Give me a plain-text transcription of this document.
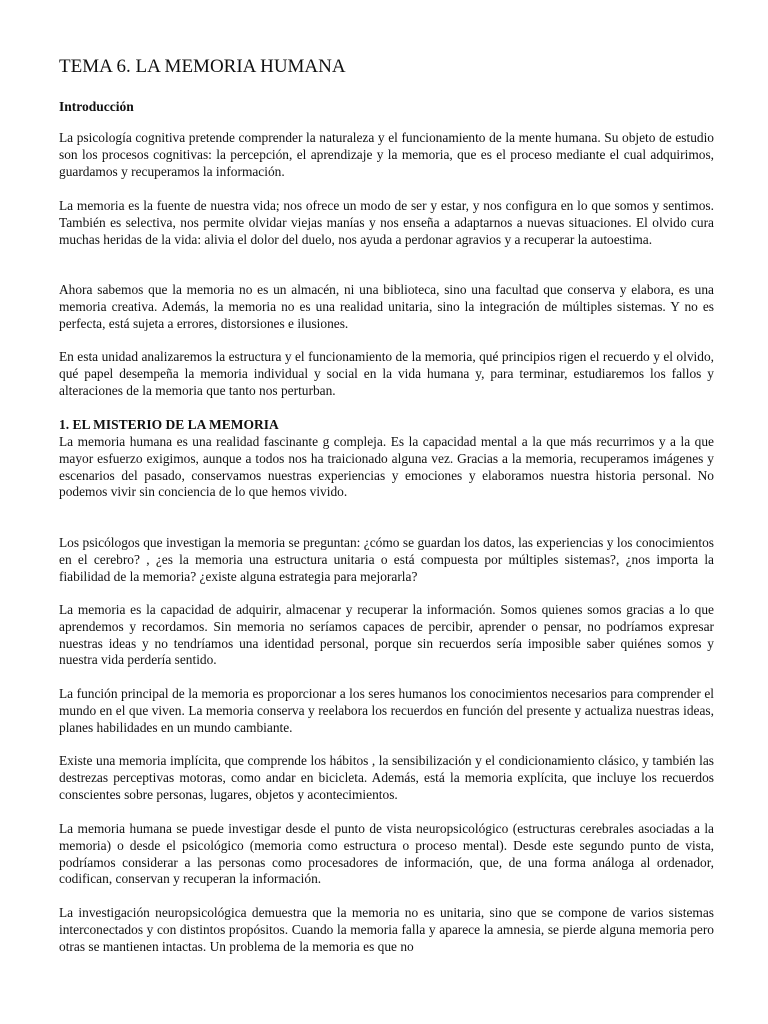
TEMA 6. LA MEMORIA HUMANA
Introducción

La psicología cognitiva pretende comprender la naturaleza y el funcionamiento de la mente humana. Su objeto de estudio son los procesos cognitivas: la percepción, el aprendizaje y la memoria, que es el proceso mediante el cual adquirimos, guardamos y recuperamos la información.

La memoria es la fuente de nuestra vida; nos ofrece un modo de ser y estar, y nos configura en lo que somos y sentimos. También es selectiva, nos permite olvidar viejas manías y nos enseña a adaptarnos a nuevas situaciones. El olvido cura muchas heridas de la vida: alivia el dolor del duelo, nos ayuda a perdonar agravios y a recuperar la autoestima.

Ahora sabemos que la memoria no es un almacén, ni una biblioteca, sino una facultad que conserva y elabora, es una memoria creativa. Además, la memoria no es una realidad unitaria, sino la integración de múltiples sistemas. Y no es perfecta, está sujeta a errores, distorsiones e ilusiones.

En esta unidad analizaremos la estructura y el funcionamiento de la memoria, qué principios rigen el recuerdo y el olvido, qué papel desempeña la memoria individual y social en la vida humana y, para terminar, estudiaremos los fallos y alteraciones de la memoria que tanto nos perturban.

1. EL MISTERIO DE LA MEMORIA

La memoria humana es una realidad fascinante g compleja. Es la capacidad mental a la que más recurrimos y a la que mayor esfuerzo exigimos, aunque a todos nos ha traicionado alguna vez. Gracias a la memoria, recuperamos imágenes y escenarios del pasado, conservamos nuestras experiencias y emociones y elaboramos nuestra historia personal. No podemos vivir sin conciencia de lo que hemos vivido.

Los psicólogos que investigan la memoria se preguntan: ¿cómo se guardan los datos, las experiencias y los conocimientos en el cerebro? , ¿es la memoria una estructura unitaria o está compuesta por múltiples sistemas?, ¿nos importa la fiabilidad de la memoria? ¿existe alguna estrategia para mejorarla?

La memoria es la capacidad de adquirir, almacenar y recuperar la información. Somos quienes somos gracias a lo que aprendemos y recordamos. Sin memoria no seríamos capaces de percibir, aprender o pensar, no podríamos expresar nuestras ideas y no tendríamos una identidad personal, porque sin recuerdos sería imposible saber quiénes somos y nuestra vida perdería sentido.

La función principal de la memoria es proporcionar a los seres humanos los conocimientos necesarios para comprender el mundo en el que viven. La memoria conserva y reelabora los recuerdos en función del presente y actualiza nuestras ideas, planes habilidades en un mundo cambiante.

Existe una memoria implícita, que comprende los hábitos , la sensibilización y el condicionamiento clásico, y también las destrezas perceptivas motoras, como andar en bicicleta. Además, está la memoria explícita, que incluye los recuerdos conscientes sobre personas, lugares, objetos y acontecimientos.

La memoria humana se puede investigar desde el punto de vista neuropsicológico (estructuras cerebrales asociadas a la memoria) o desde el psicológico (memoria como estructura o proceso mental). Desde este segundo punto de vista, podríamos considerar a las personas como procesadores de información, que, de una forma análoga al ordenador, codifican, conservan y recuperan la información.

La investigación neuropsicológica demuestra que la memoria no es unitaria, sino que se compone de varios sistemas interconectados y con distintos propósitos. Cuando la memoria falla y aparece la amnesia, se pierde alguna memoria pero otras se mantienen intactas. Un problema de la memoria es que no
